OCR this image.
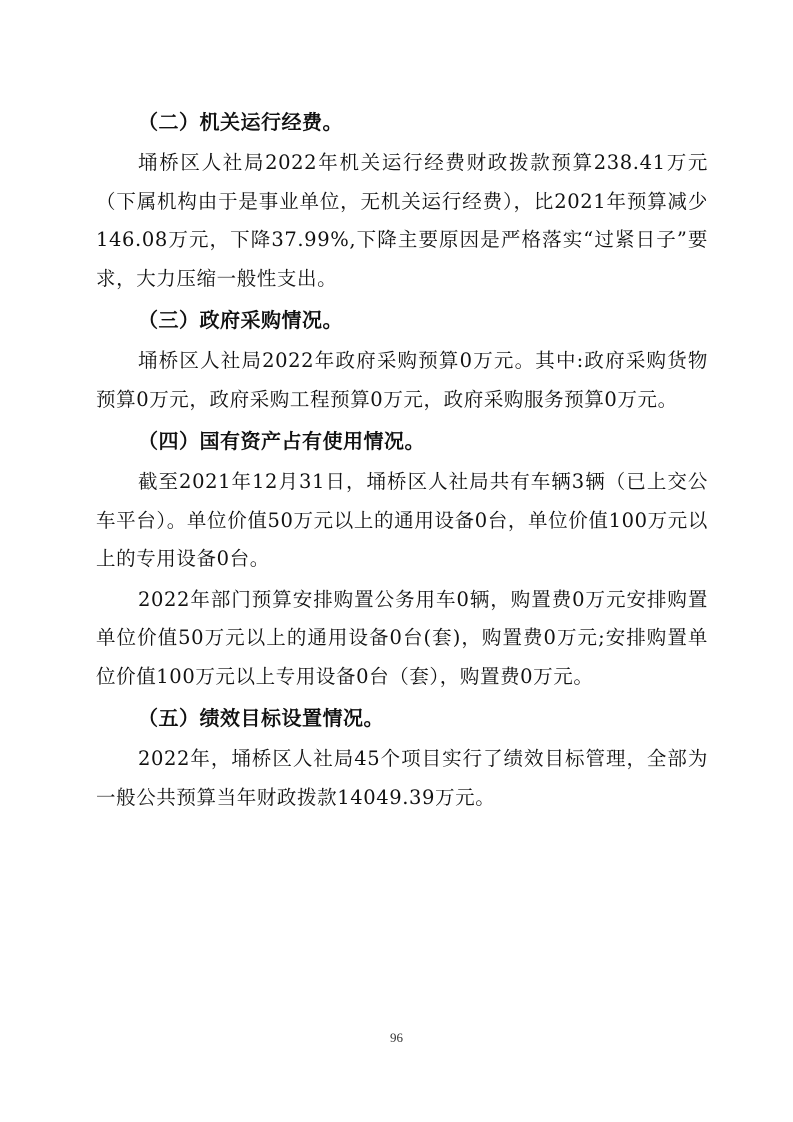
（二）机关运行经费。

埇桥区人社局2022年机关运行经费财政拨款预算238.41万元（下属机构由于是事业单位，无机关运行经费），比2021年预算减少146.08万元，下降37.99%,下降主要原因是严格落实“过紧日子”要求，大力压缩一般性支出。

（三）政府采购情况。

埇桥区人社局2022年政府采购预算0万元。其中:政府采购货物预算0万元，政府采购工程预算0万元，政府采购服务预算0万元。

（四）国有资产占有使用情况。

截至2021年12月31日，埇桥区人社局共有车辆3辆（已上交公车平台）。单位价值50万元以上的通用设备0台，单位价值100万元以上的专用设备0台。

2022年部门预算安排购置公务用车0辆，购置费0万元安排购置单位价值50万元以上的通用设备0台(套)，购置费0万元;安排购置单位价值100万元以上专用设备0台（套），购置费0万元。

（五）绩效目标设置情况。

2022年，埇桥区人社局45个项目实行了绩效目标管理，全部为一般公共预算当年财政拨款14049.39万元。

96
